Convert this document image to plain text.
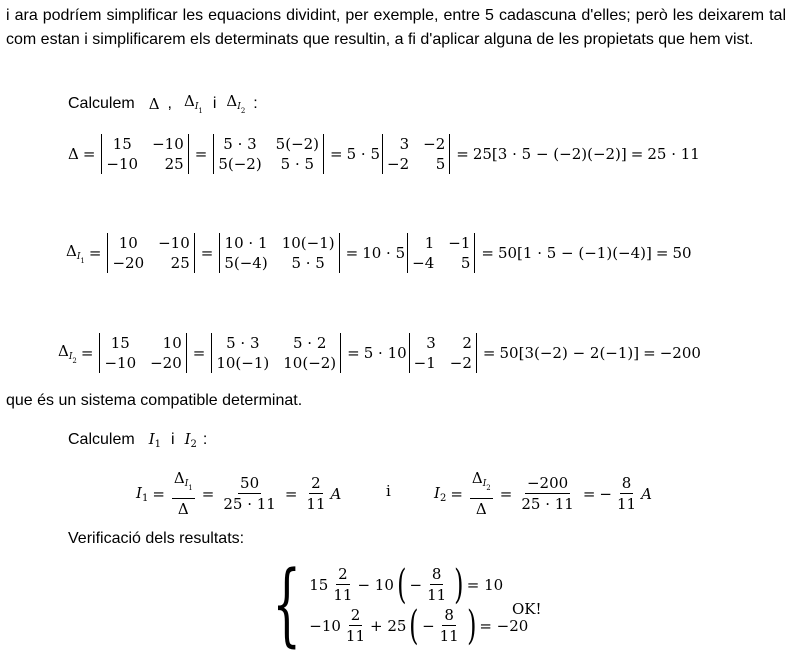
i ara podríem simplificar les equacions dividint, per exemple, entre 5 cadascuna d'elles; però les deixarem tal com estan i simplificarem els determinats que resultin, a fi d'aplicar alguna de les propietats que hem vist.
Calculem Δ , $\Delta_{I_1}$ i $\Delta_{I_2}$ :
Δ =
15
−10
−10
25
=
5 · 3
5(−2)
5(−2)
5 · 5
= 5 · 5
3
−2
−2
5
= 25[3 · 5 − (−2)(−2)] = 25 · 11
$\Delta_{I_1}$ =
10
−20
−10
25
=
10 · 1
5(−4)
10(−1)
5 · 5
= 10 · 5
1
−4
−1
5
= 50[1 · 5 − (−1)(−4)] = 50
$\Delta_{I_2}$ =
15
−10
10
−20
=
5 · 3
10(−1)
5 · 2
10(−2)
= 5 · 10
3
−1
2
−2
= 50[3(−2) − 2(−1)] = −200
que és un sistema compatible determinat.
Calculem $I_1$ i $I_2$ :
$I_1 = \frac{\Delta_{I_1}}{\Delta} = \frac{50}{25 \cdot 11} = \frac{2}{11}$ A	i	$I_2 = \frac{\Delta_{I_2}}{\Delta} = \frac{-200}{25 \cdot 11}$ = − $\frac{8}{11}$ A
Verificació dels resultats:
{ $15 \frac{2}{11} - 10$ ( − $\frac{8}{11}$ ) = 10
$-10 \frac{2}{11} + 25$ ( − $\frac{8}{11}$ ) = −20
OK!
